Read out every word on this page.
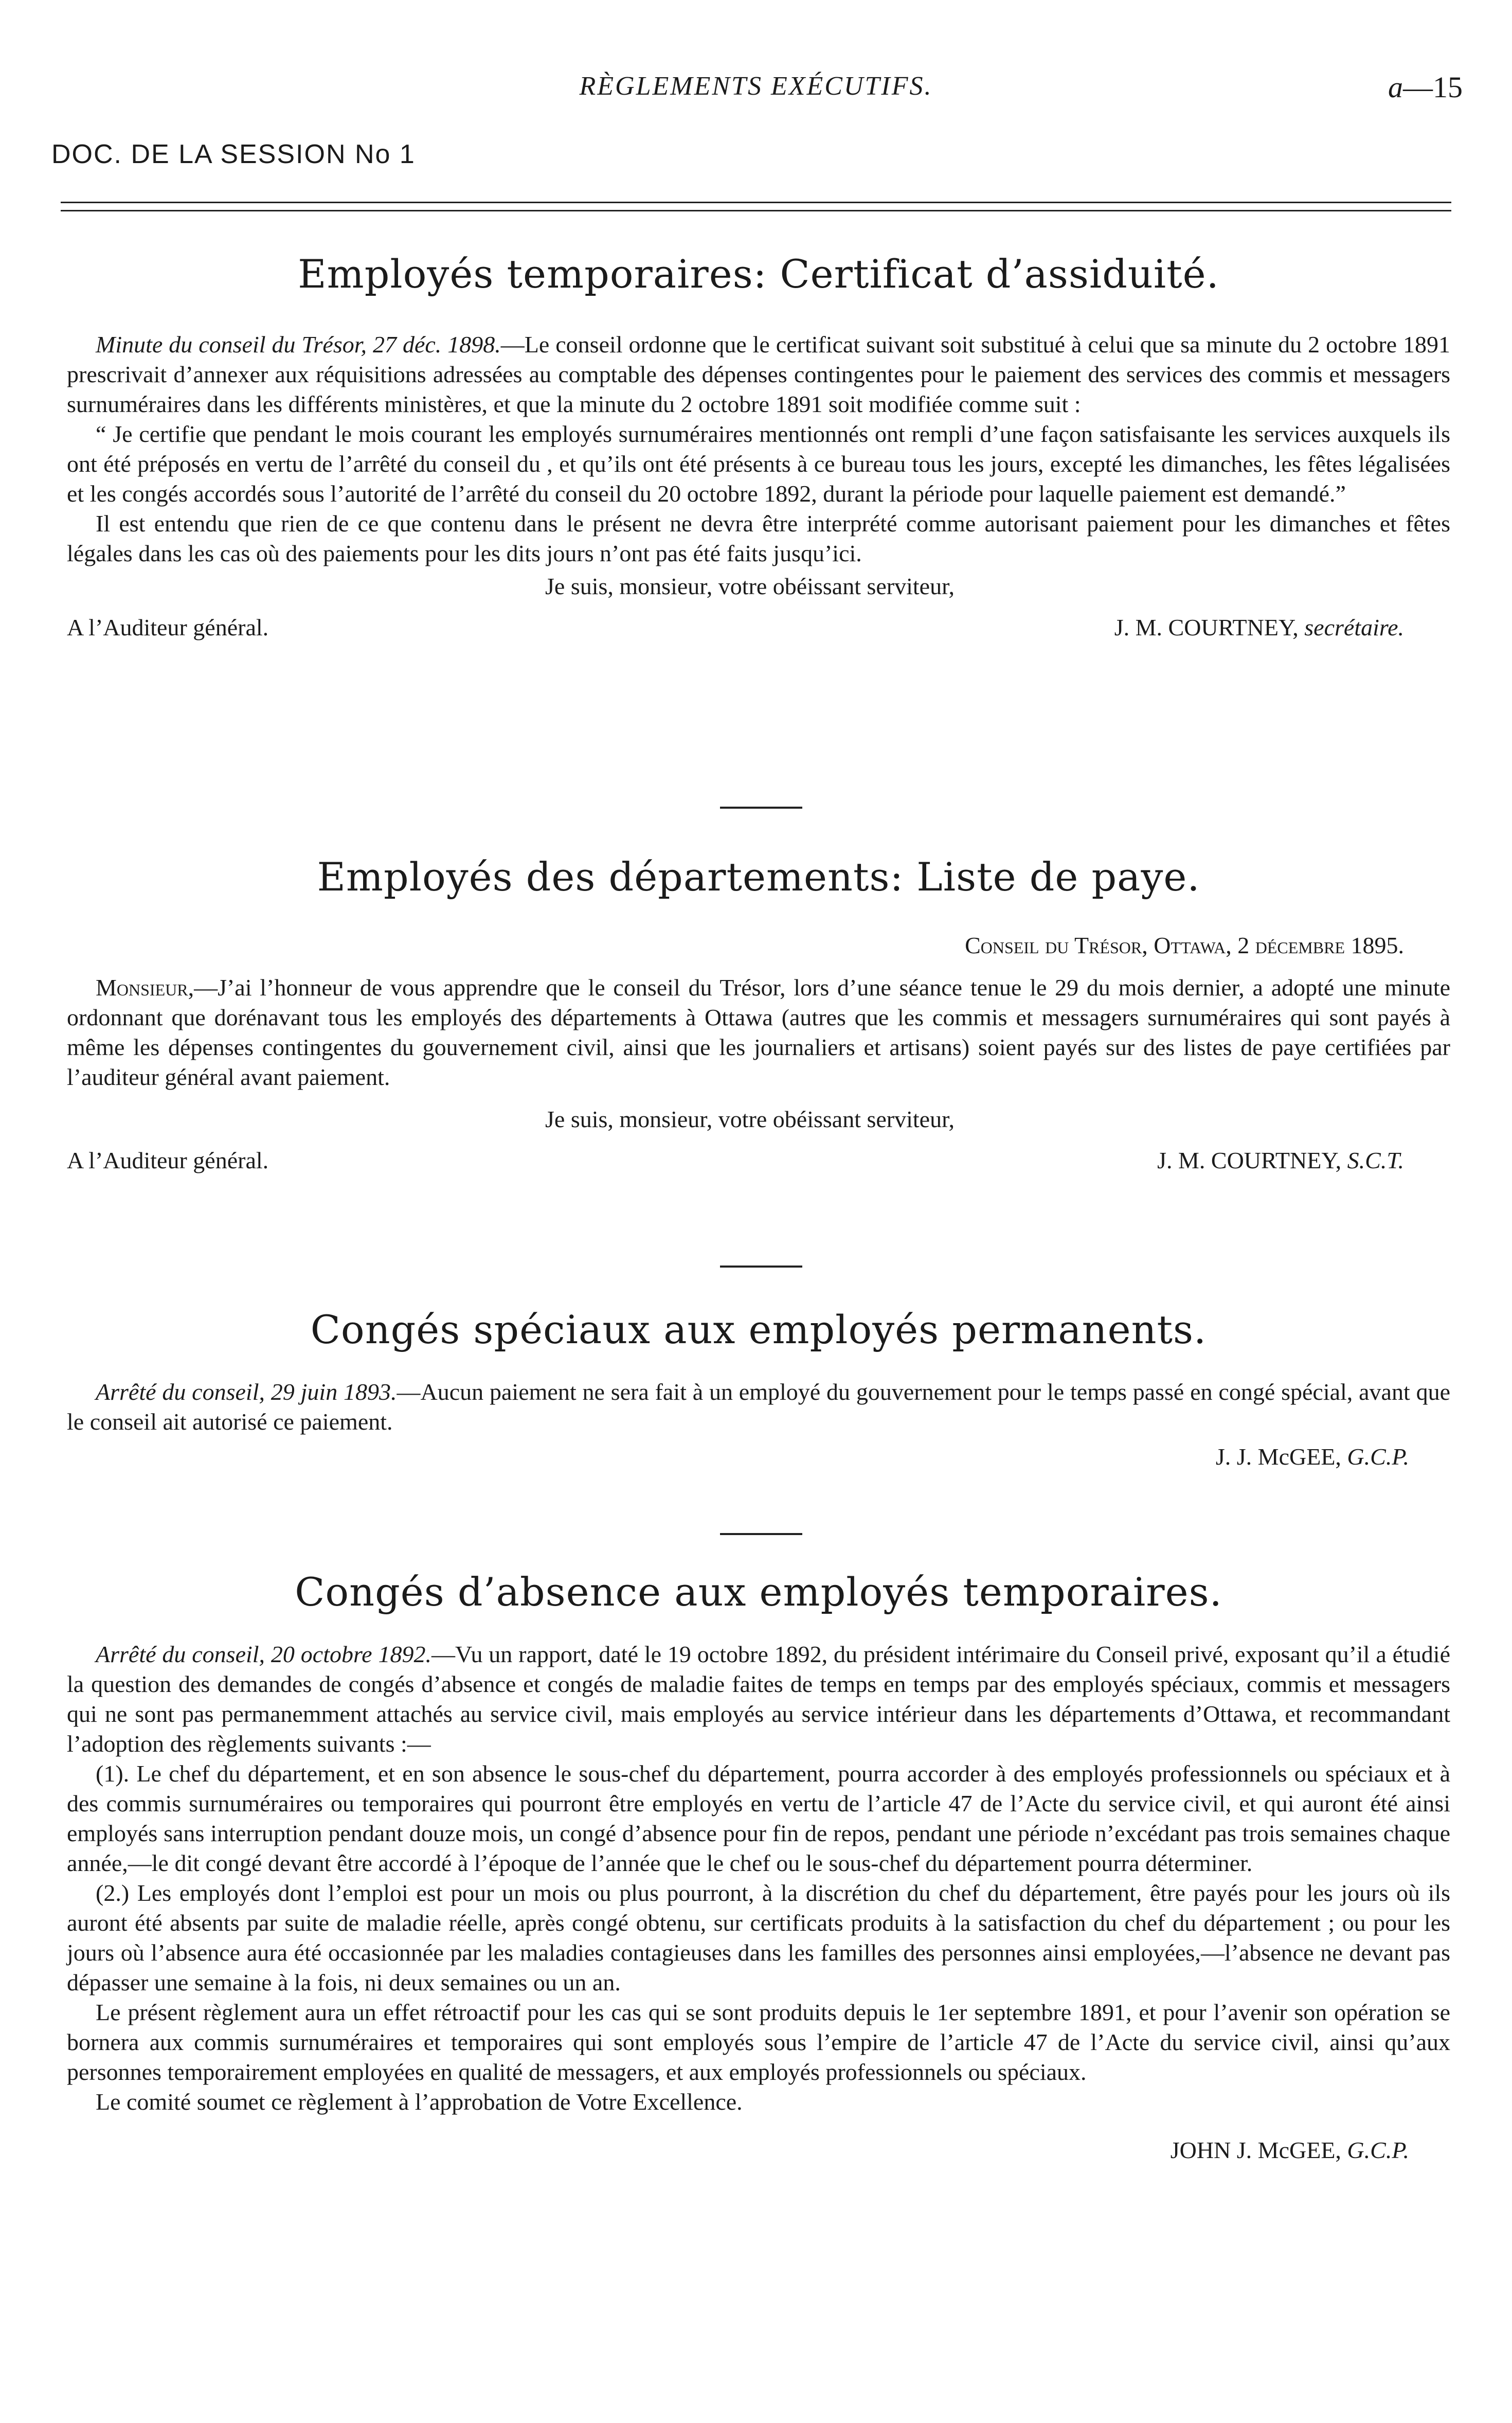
RÈGLEMENTS EXÉCUTIFS.	a—15
DOC. DE LA SESSION No 1
Employés temporaires: Certificat d’assiduité.

Minute du conseil du Trésor, 27 déc. 1898.—Le conseil ordonne que le certificat suivant soit substitué à celui que sa minute du 2 octobre 1891 prescrivait d’annexer aux réquisitions adressées au comptable des dépenses contingentes pour le paiement des services des commis et messagers surnuméraires dans les différents ministères, et que la minute du 2 octobre 1891 soit modifiée comme suit :

“ Je certifie que pendant le mois courant les employés surnuméraires mentionnés ont rempli d’une façon satisfaisante les services auxquels ils ont été préposés en vertu de l’arrêté du conseil du , et qu’ils ont été présents à ce bureau tous les jours, excepté les dimanches, les fêtes légalisées et les congés accordés sous l’autorité de l’arrêté du conseil du 20 octobre 1892, durant la période pour laquelle paiement est demandé.”

Il est entendu que rien de ce que contenu dans le présent ne devra être interprété comme autorisant paiement pour les dimanches et fêtes légales dans les cas où des paiements pour les dits jours n’ont pas été faits jusqu’ici.

Je suis, monsieur, votre obéissant serviteur,

A l’Auditeur général.	J. M. COURTNEY, secrétaire.
Employés des départements: Liste de paye.
Conseil du Trésor, Ottawa, 2 décembre 1895.

Monsieur,—J’ai l’honneur de vous apprendre que le conseil du Trésor, lors d’une séance tenue le 29 du mois dernier, a adopté une minute ordonnant que dorénavant tous les employés des départements à Ottawa (autres que les commis et messagers surnuméraires qui sont payés à même les dépenses contingentes du gouvernement civil, ainsi que les journaliers et artisans) soient payés sur des listes de paye certifiées par l’auditeur général avant paiement.

Je suis, monsieur, votre obéissant serviteur,

A l’Auditeur général.	J. M. COURTNEY, S.C.T.
Congés spéciaux aux employés permanents.

Arrêté du conseil, 29 juin 1893.—Aucun paiement ne sera fait à un employé du gouvernement pour le temps passé en congé spécial, avant que le conseil ait autorisé ce paiement.

J. J. McGEE, G.C.P.
Congés d’absence aux employés temporaires.

Arrêté du conseil, 20 octobre 1892.—Vu un rapport, daté le 19 octobre 1892, du président intérimaire du Conseil privé, exposant qu’il a étudié la question des demandes de congés d’absence et congés de maladie faites de temps en temps par des employés spéciaux, commis et messagers qui ne sont pas permanemment attachés au service civil, mais employés au service intérieur dans les départements d’Ottawa, et recommandant l’adoption des règlements suivants :—

(1). Le chef du département, et en son absence le sous-chef du département, pourra accorder à des employés professionnels ou spéciaux et à des commis surnuméraires ou temporaires qui pourront être employés en vertu de l’article 47 de l’Acte du service civil, et qui auront été ainsi employés sans interruption pendant douze mois, un congé d’absence pour fin de repos, pendant une période n’excédant pas trois semaines chaque année,—le dit congé devant être accordé à l’époque de l’année que le chef ou le sous-chef du département pourra déterminer.

(2.) Les employés dont l’emploi est pour un mois ou plus pourront, à la discrétion du chef du département, être payés pour les jours où ils auront été absents par suite de maladie réelle, après congé obtenu, sur certificats produits à la satisfaction du chef du département ; ou pour les jours où l’absence aura été occasionnée par les maladies contagieuses dans les familles des personnes ainsi employées,—l’absence ne devant pas dépasser une semaine à la fois, ni deux semaines ou un an.

Le présent règlement aura un effet rétroactif pour les cas qui se sont produits depuis le 1er septembre 1891, et pour l’avenir son opération se bornera aux commis surnuméraires et temporaires qui sont employés sous l’empire de l’article 47 de l’Acte du service civil, ainsi qu’aux personnes temporairement employées en qualité de messagers, et aux employés professionnels ou spéciaux.

Le comité soumet ce règlement à l’approbation de Votre Excellence.

JOHN J. McGEE, G.C.P.
